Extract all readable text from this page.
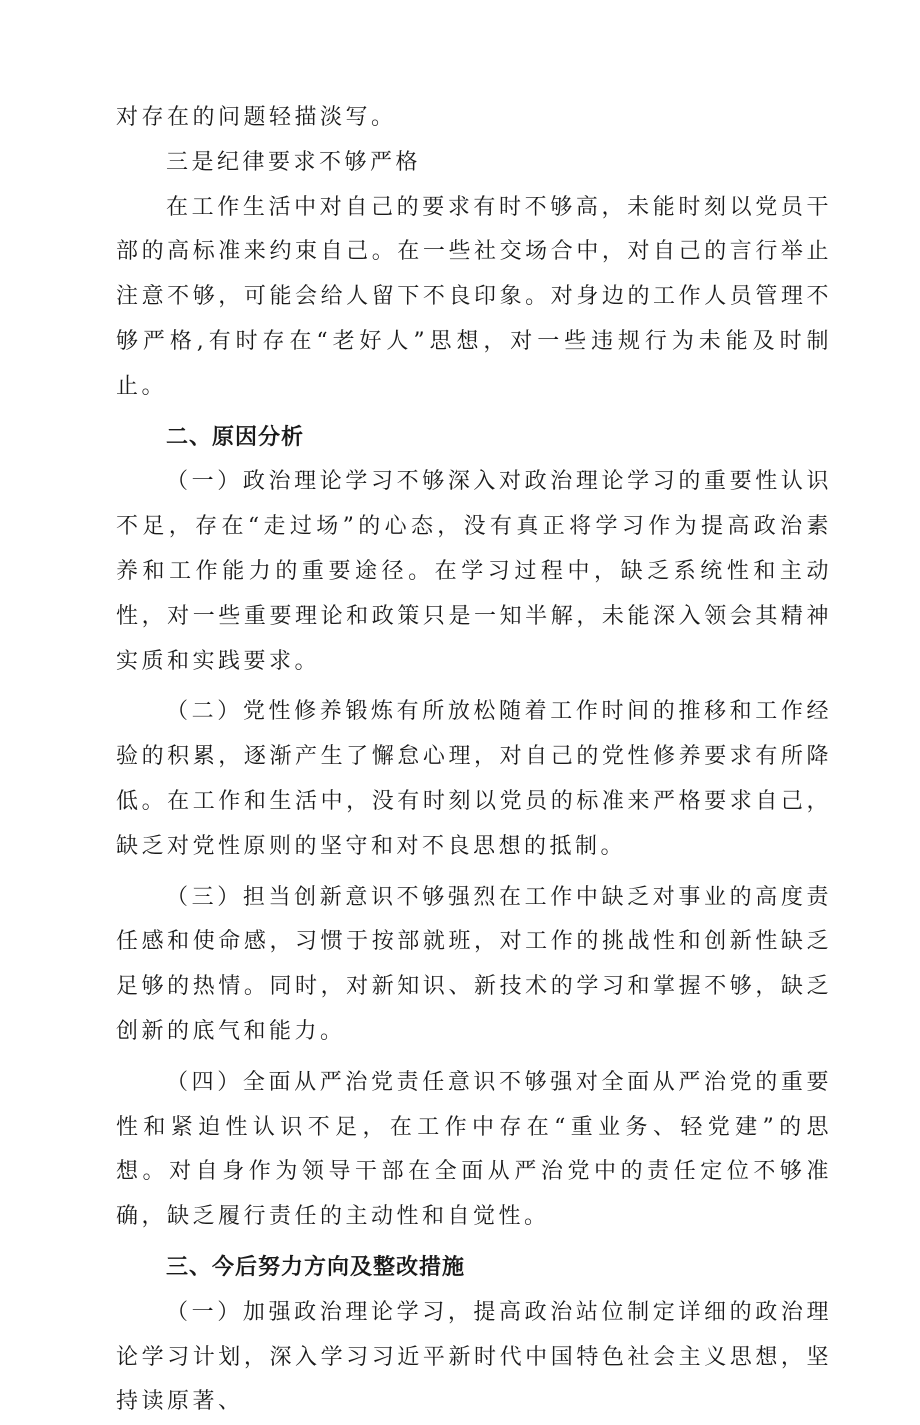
对存在的问题轻描淡写。

三是纪律要求不够严格

在工作生活中对自己的要求有时不够高，未能时刻以党员干部的高标准来约束自己。在一些社交场合中，对自己的言行举止注意不够，可能会给人留下不良印象。对身边的工作人员管理不够严格,有时存在“老好人”思想，对一些违规行为未能及时制止。

二、原因分析

（一）政治理论学习不够深入对政治理论学习的重要性认识不足，存在“走过场”的心态，没有真正将学习作为提高政治素养和工作能力的重要途径。在学习过程中，缺乏系统性和主动性，对一些重要理论和政策只是一知半解，未能深入领会其精神实质和实践要求。

（二）党性修养锻炼有所放松随着工作时间的推移和工作经验的积累，逐渐产生了懈怠心理，对自己的党性修养要求有所降低。在工作和生活中，没有时刻以党员的标准来严格要求自己，缺乏对党性原则的坚守和对不良思想的抵制。

（三）担当创新意识不够强烈在工作中缺乏对事业的高度责任感和使命感，习惯于按部就班，对工作的挑战性和创新性缺乏足够的热情。同时，对新知识、新技术的学习和掌握不够，缺乏创新的底气和能力。

（四）全面从严治党责任意识不够强对全面从严治党的重要性和紧迫性认识不足，在工作中存在“重业务、轻党建”的思想。对自身作为领导干部在全面从严治党中的责任定位不够准确，缺乏履行责任的主动性和自觉性。

三、今后努力方向及整改措施

（一）加强政治理论学习，提高政治站位制定详细的政治理论学习计划，深入学习习近平新时代中国特色社会主义思想，坚持读原著、
